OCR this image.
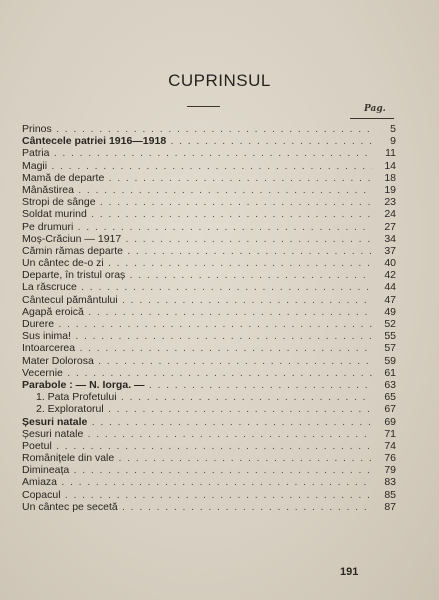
CUPRINSUL
Pag.
Prinos . . .	5
Cântecele patriei 1916—1918 . . .	9
Patria . . .	11
Magii . . .	14
Mamă de departe . . .	18
Mânăstirea . . .	19
Stropi de sânge . . .	23
Soldat murind . . .	24
Pe drumuri . . .	27
Moș-Crăciun — 1917 . . .	34
Cămin rămas departe . . .	37
Un cântec de-o zi . . .	40
Departe, în tristul oraș . . .	42
La răscruce . . .	44
Cântecul pământului . . .	47
Agapă eroică . . .	49
Durere . . .	52
Sus inima! . . .	55
Intoarcerea . . .	57
Mater Dolorosa . . .	59
Vecernie . . .	61
Parabole : — N. Iorga. — . . .	63
1. Pata Profetului . . .	65
2. Exploratorul . . .	67
Șesuri natale . . .	69
Șesuri natale . . .	71
Poetul . . .	74
Românițele din vale . . .	76
Dimineața . . .	79
Amiaza . . .	83
Copacul . . .	85
Un cântec pe secetă . . .	87
191
